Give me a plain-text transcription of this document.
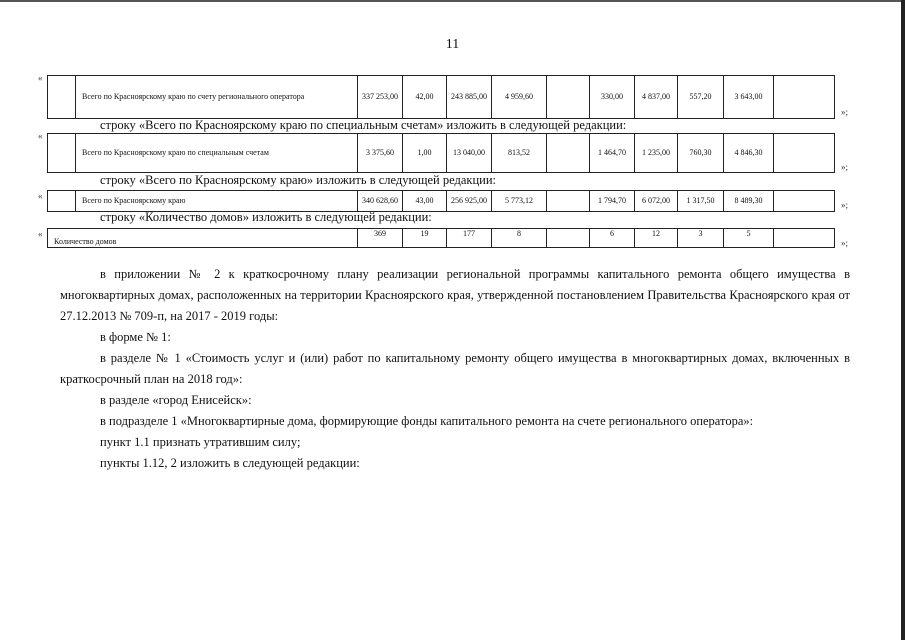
11
«
	Всего по Красноярскому краю по счету регионального оператора	337 253,00	42,00	243 885,00	4 959,60		330,00	4 837,00	557,20	3 643,00	
»;
строку «Всего по Красноярскому краю по специальным счетам» изложить в следующей редакции:
«
	Всего по Красноярскому краю по специальным счетам	3 375,60	1,00	13 040,00	813,52		1 464,70	1 235,00	760,30	4 846,30	
»;
строку «Всего по Красноярскому краю» изложить в следующей редакции:
«
		Всего по Красноярскому краю	340 628,60	43,00	256 925,00	5 773,12		1 794,70	6 072,00	1 317,50	8 489,30		»;
строку «Количество домов» изложить в следующей редакции:
«
Количество домов	369	19	177	8		6	12	3	5	
»;

в приложении № 2 к краткосрочному плану реализации региональной программы капитального ремонта общего имущества в многоквартирных домах, расположенных на территории Красноярского края, утвержденной постановлением Правительства Красноярского края от 27.12.2013 № 709-п, на 2017 - 2019 годы:

в форме № 1:

в разделе № 1 «Стоимость услуг и (или) работ по капитальному ремонту общего имущества в многоквартирных домах, включенных в краткосрочный план на 2018 год»:

в разделе «город Енисейск»:

в подразделе 1 «Многоквартирные дома, формирующие фонды капитального ремонта на счете регионального оператора»:

пункт 1.1 признать утратившим силу;

пункты 1.12, 2 изложить в следующей редакции:
